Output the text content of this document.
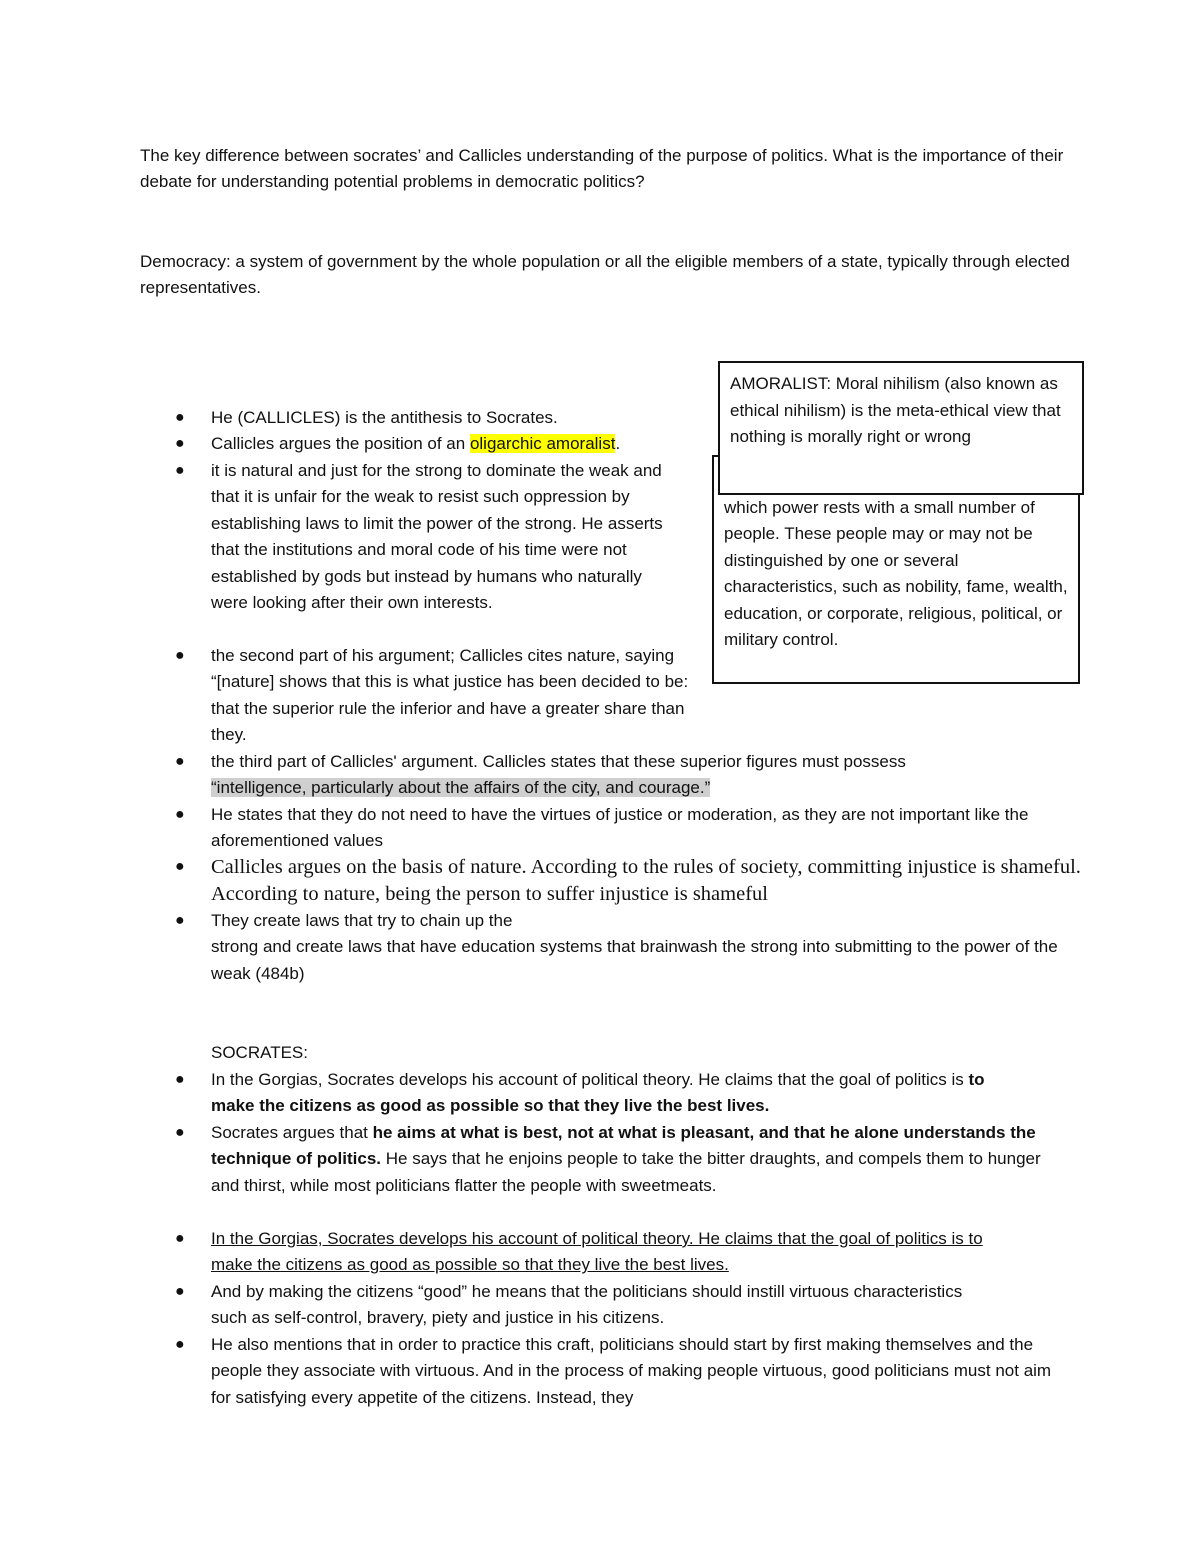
The key difference between socrates’ and Callicles understanding of the purpose of politics. What is the importance of their debate for understanding potential problems in democratic politics?

Democracy: a system of government by the whole population or all the eligible members of a state, typically through elected representatives.

● He (CALLICLES) is the antithesis to Socrates.

● Callicles argues the position of an oligarchic amoralist.

● it is natural and just for the strong to dominate the weak and that it is unfair for the weak to resist such oppression by establishing laws to limit the power of the strong. He asserts that the institutions and moral code of his time were not established by gods but instead by humans who naturally were looking after their own interests.

● the second part of his argument; Callicles cites nature, saying “[nature] shows that this is what justice has been decided to be: that the superior rule the inferior and have a greater share than they.

● the third part of Callicles' argument. Callicles states that these superior figures must possess
“intelligence, particularly about the affairs of the city, and courage.”

● He states that they do not need to have the virtues of justice or moderation, as they are not important like the aforementioned values

● Callicles argues on the basis of nature. According to the rules of society, committing injustice is shameful. According to nature, being the person to suffer injustice is shameful

● They create laws that try to chain up the
strong and create laws that have education systems that brainwash the strong into submitting to the power of the weak (484b)

which power rests with a small number of people. These people may or may not be distinguished by one or several characteristics, such as nobility, fame, wealth, education, or corporate, religious, political, or military control.

AMORALIST: Moral nihilism (also known as ethical nihilism) is the meta-ethical view that nothing is morally right or wrong

SOCRATES:

● In the Gorgias, Socrates develops his account of political theory. He claims that the goal of politics is to make the citizens as good as possible so that they live the best lives.

● Socrates argues that he aims at what is best, not at what is pleasant, and that he alone understands the technique of politics. He says that he enjoins people to take the bitter draughts, and compels them to hunger and thirst, while most politicians flatter the people with sweetmeats.

● In the Gorgias, Socrates develops his account of political theory. He claims that the goal of politics is to make the citizens as good as possible so that they live the best lives.

● And by making the citizens “good” he means that the politicians should instill virtuous characteristics such as self-control, bravery, piety and justice in his citizens.

● He also mentions that in order to practice this craft, politicians should start by first making themselves and the people they associate with virtuous. And in the process of making people virtuous, good politicians must not aim for satisfying every appetite of the citizens. Instead, they
